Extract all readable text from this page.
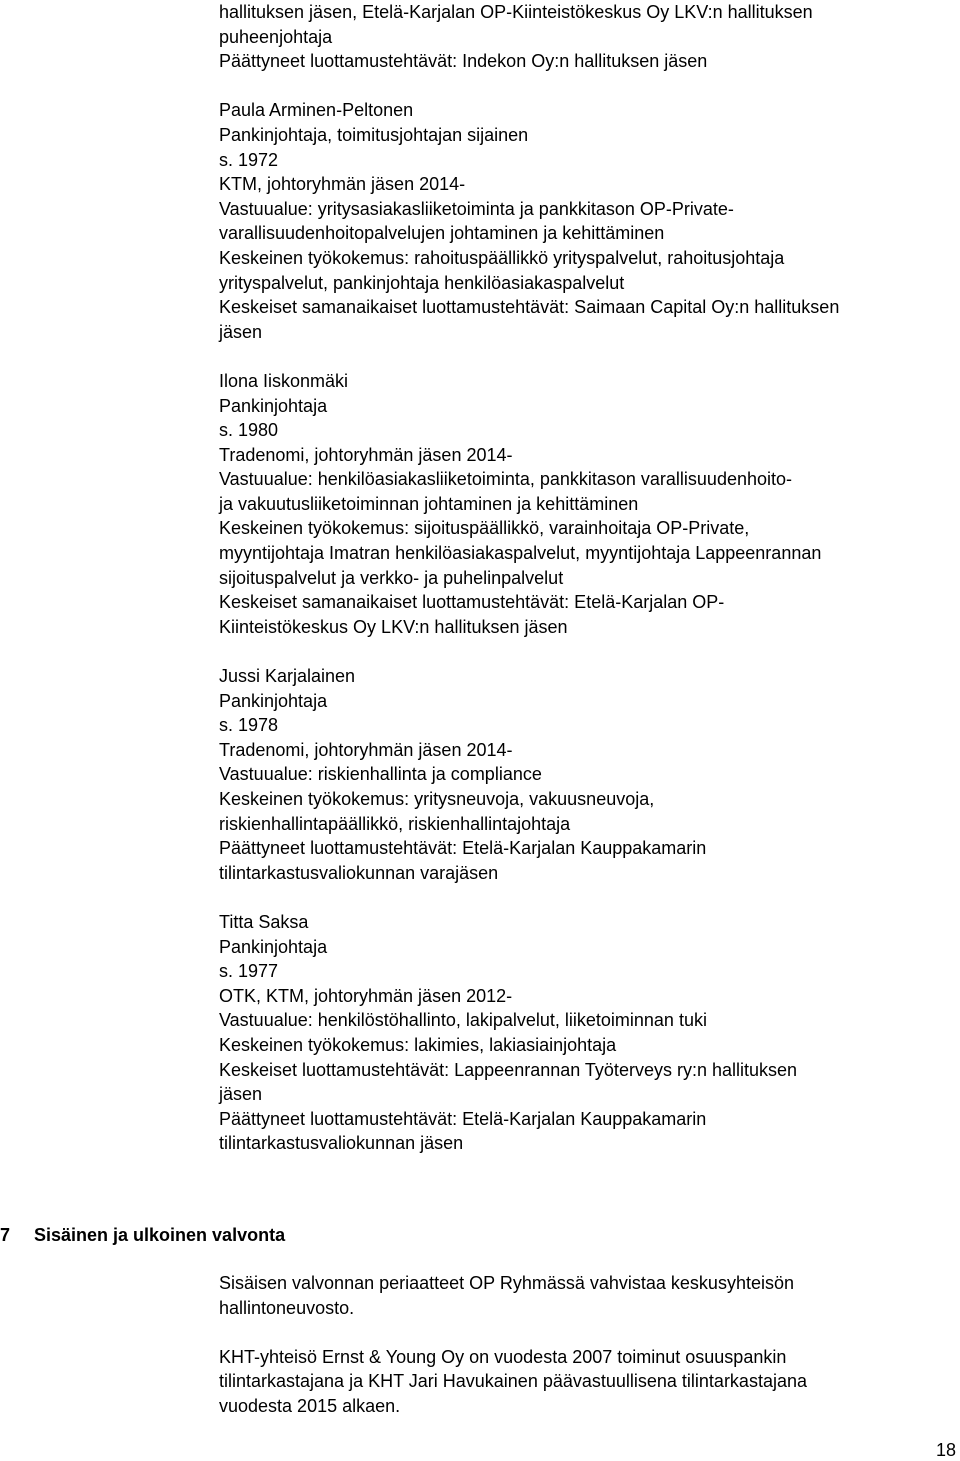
hallituksen jäsen, Etelä-Karjalan OP-Kiinteistökeskus Oy LKV:n hallituksen
puheenjohtaja
Päättyneet luottamustehtävät: Indekon Oy:n hallituksen jäsen
Paula Arminen-Peltonen
Pankinjohtaja, toimitusjohtajan sijainen
s. 1972
KTM, johtoryhmän jäsen 2014-
Vastuualue: yritysasiakasliiketoiminta ja pankkitason OP-Private-
varallisuudenhoitopalvelujen johtaminen ja kehittäminen
Keskeinen työkokemus: rahoituspäällikkö yrityspalvelut, rahoitusjohtaja
yrityspalvelut, pankinjohtaja henkilöasiakaspalvelut
Keskeiset samanaikaiset luottamustehtävät: Saimaan Capital Oy:n hallituksen
jäsen
Ilona Iiskonmäki
Pankinjohtaja
s. 1980
Tradenomi, johtoryhmän jäsen 2014-
Vastuualue: henkilöasiakasliiketoiminta, pankkitason varallisuudenhoito-
ja vakuutusliiketoiminnan johtaminen ja kehittäminen
Keskeinen työkokemus: sijoituspäällikkö, varainhoitaja OP-Private,
myyntijohtaja Imatran henkilöasiakaspalvelut, myyntijohtaja Lappeenrannan
sijoituspalvelut ja verkko- ja puhelinpalvelut
Keskeiset samanaikaiset luottamustehtävät: Etelä-Karjalan OP-
Kiinteistökeskus Oy LKV:n hallituksen jäsen
Jussi Karjalainen
Pankinjohtaja
s. 1978
Tradenomi, johtoryhmän jäsen 2014-
Vastuualue: riskienhallinta ja compliance
Keskeinen työkokemus: yritysneuvoja, vakuusneuvoja,
riskienhallintapäällikkö, riskienhallintajohtaja
Päättyneet luottamustehtävät: Etelä-Karjalan Kauppakamarin
tilintarkastusvaliokunnan varajäsen
Titta Saksa
Pankinjohtaja
s. 1977
OTK, KTM, johtoryhmän jäsen 2012-
Vastuualue: henkilöstöhallinto, lakipalvelut, liiketoiminnan tuki
Keskeinen työkokemus: lakimies, lakiasiainjohtaja
Keskeiset luottamustehtävät: Lappeenrannan Työterveys ry:n hallituksen
jäsen
Päättyneet luottamustehtävät: Etelä-Karjalan Kauppakamarin
tilintarkastusvaliokunnan jäsen
7 Sisäinen ja ulkoinen valvonta
Sisäisen valvonnan periaatteet OP Ryhmässä vahvistaa keskusyhteisön
hallintoneuvosto.
KHT-yhteisö Ernst & Young Oy on vuodesta 2007 toiminut osuuspankin
tilintarkastajana ja KHT Jari Havukainen päävastuullisena tilintarkastajana
vuodesta 2015 alkaen.
18
